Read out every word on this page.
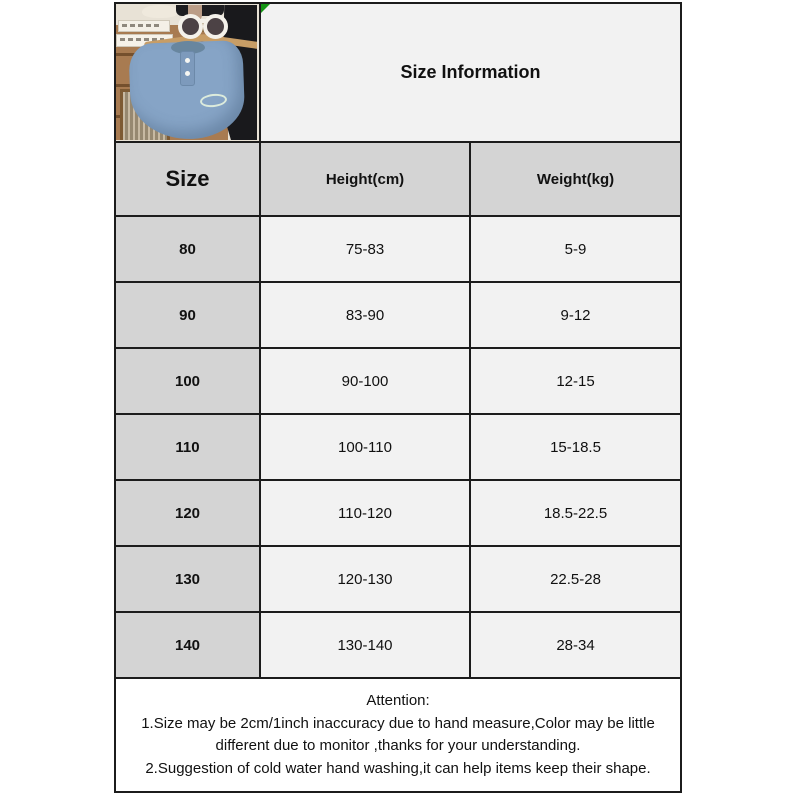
Size Information	
Size	Height(cm)	Weight(kg)
80	75-83	5-9
90	83-90	9-12
100	90-100	12-15
110	100-110	15-18.5
120	110-120	18.5-22.5
130	120-130	22.5-28
140	130-140	28-34

Attention:
1.Size may be 2cm/1inch inaccuracy due to hand measure,Color may be little different due to monitor ,thanks for your understanding.
2.Suggestion of cold water hand washing,it can help items keep their shape.		
